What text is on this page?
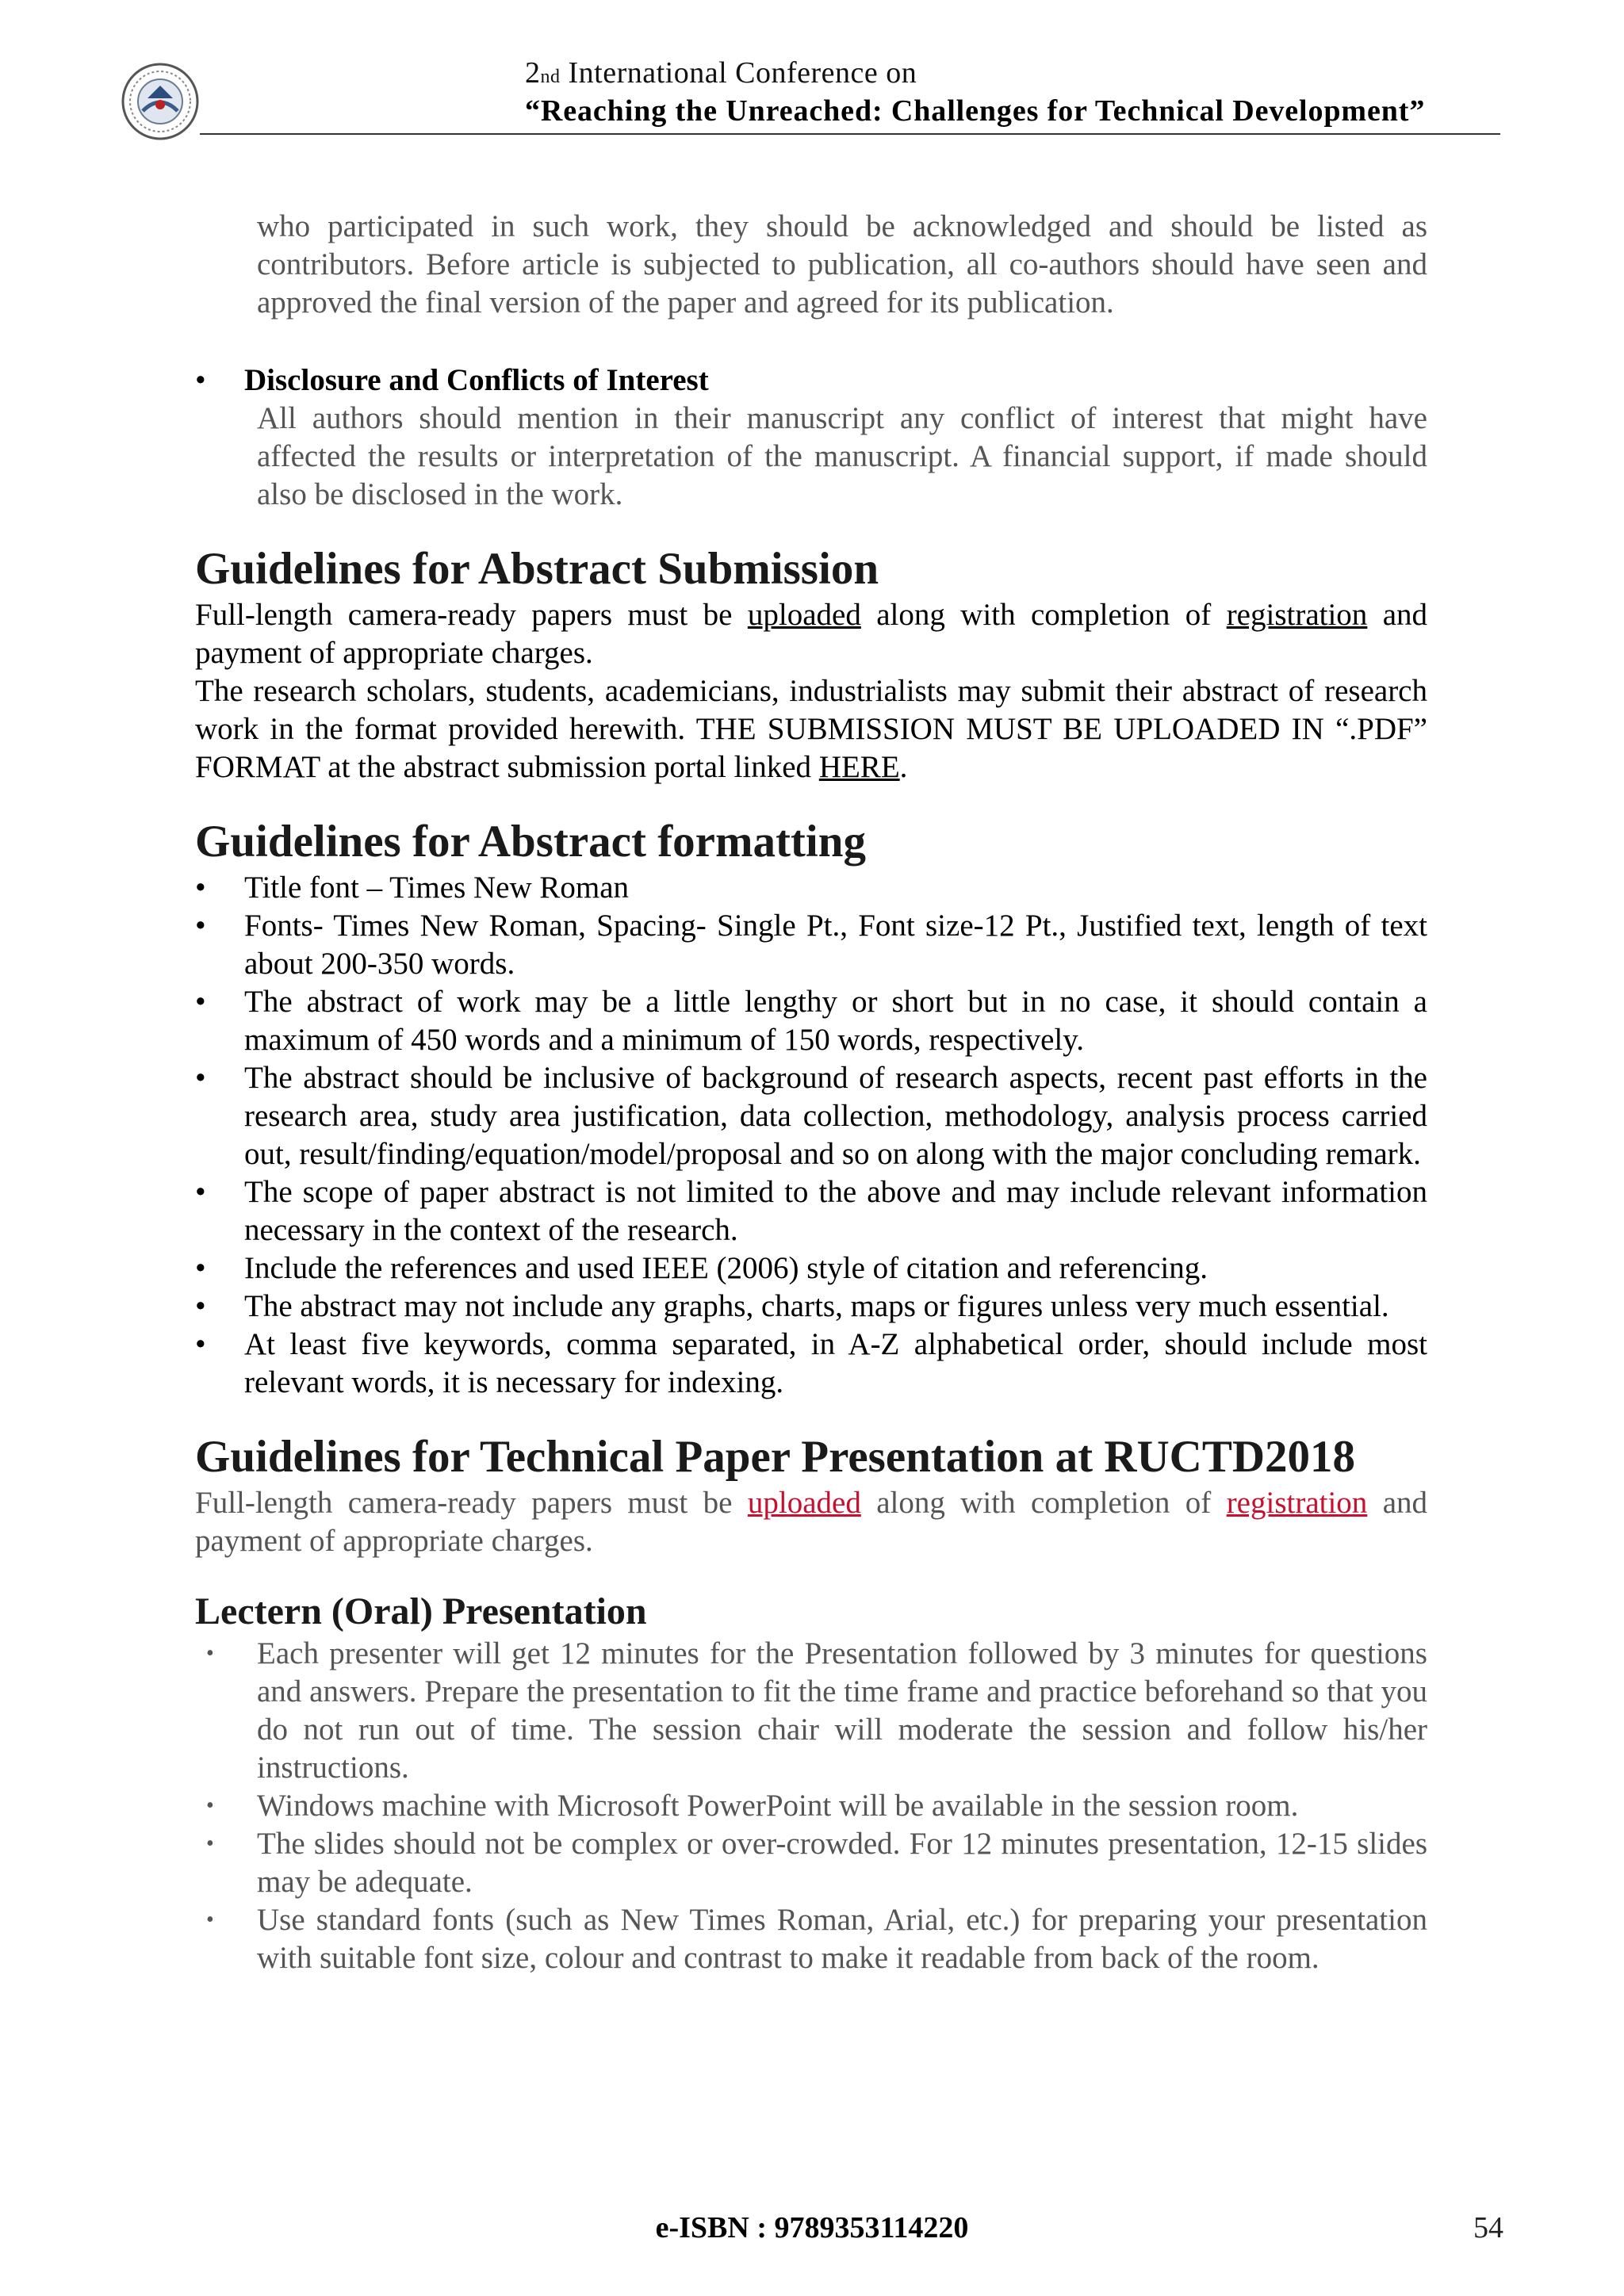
2nd International Conference on
“Reaching the Unreached: Challenges for Technical Development”

who participated in such work, they should be acknowledged and should be listed as contributors. Before article is subjected to publication, all co-authors should have seen and approved the final version of the paper and agreed for its publication.

• Disclosure and Conflicts of Interest

All authors should mention in their manuscript any conflict of interest that might have affected the results or interpretation of the manuscript. A financial support, if made should also be disclosed in the work.

Guidelines for Abstract Submission

Full-length camera-ready papers must be uploaded along with completion of registration and payment of appropriate charges.

The research scholars, students, academicians, industrialists may submit their abstract of research work in the format provided herewith. THE SUBMISSION MUST BE UPLOADED IN “.PDF” FORMAT at the abstract submission portal linked HERE.

Guidelines for Abstract formatting
• Title font – Times New Roman
• Fonts- Times New Roman, Spacing- Single Pt., Font size-12 Pt., Justified text, length of text about 200-350 words.
• The abstract of work may be a little lengthy or short but in no case, it should contain a maximum of 450 words and a minimum of 150 words, respectively.
• The abstract should be inclusive of background of research aspects, recent past efforts in the research area, study area justification, data collection, methodology, analysis process carried out, result/finding/equation/model/proposal and so on along with the major concluding remark.
• The scope of paper abstract is not limited to the above and may include relevant information necessary in the context of the research.
• Include the references and used IEEE (2006) style of citation and referencing.
• The abstract may not include any graphs, charts, maps or figures unless very much essential.
• At least five keywords, comma separated, in A-Z alphabetical order, should include most relevant words, it is necessary for indexing.
Guidelines for Technical Paper Presentation at RUCTD2018

Full-length camera-ready papers must be uploaded along with completion of registration and payment of appropriate charges.

Lectern (Oral) Presentation
• Each presenter will get 12 minutes for the Presentation followed by 3 minutes for questions and answers. Prepare the presentation to fit the time frame and practice beforehand so that you do not run out of time. The session chair will moderate the session and follow his/her instructions.
• Windows machine with Microsoft PowerPoint will be available in the session room.
• The slides should not be complex or over-crowded. For 12 minutes presentation, 12-15 slides may be adequate.
• Use standard fonts (such as New Times Roman, Arial, etc.) for preparing your presentation with suitable font size, colour and contrast to make it readable from back of the room.
e-ISBN : 9789353114220	54
